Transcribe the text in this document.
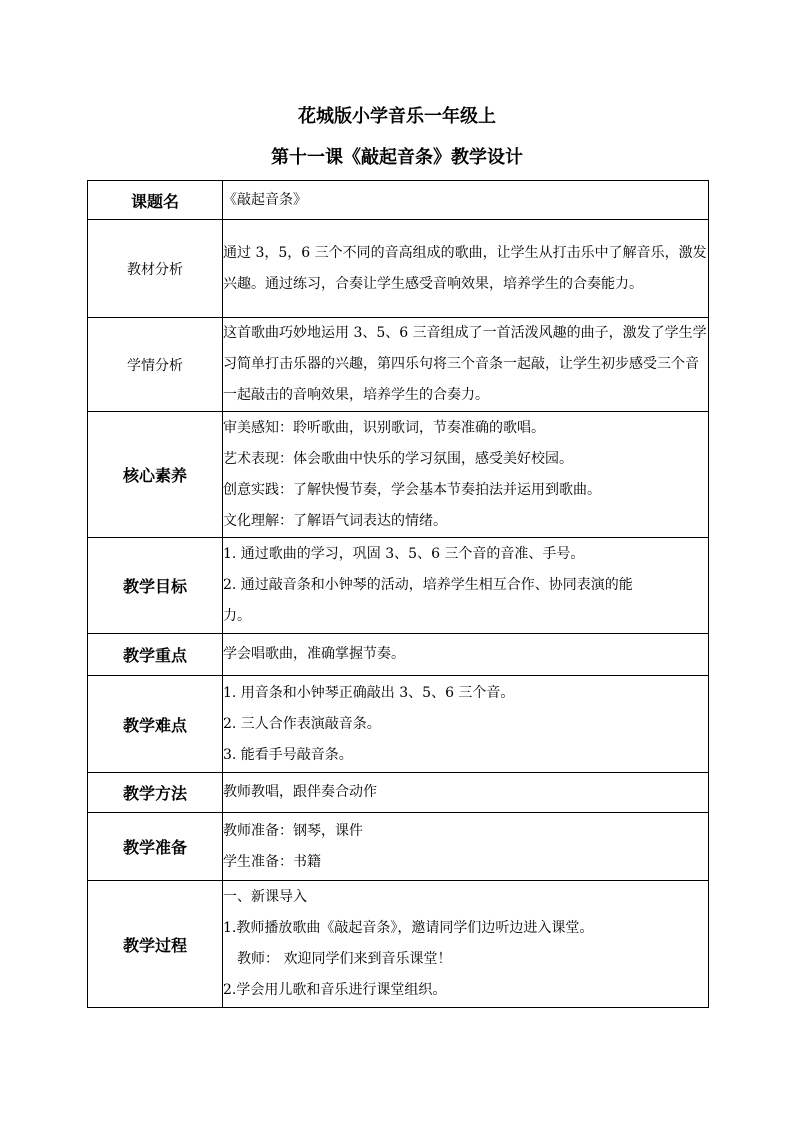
花城版小学音乐一年级上
第十一课《敲起音条》教学设计
课题名	《敲起音条》

教材分析	通过 3，5，6 三个不同的音高组成的歌曲，让学生从打击乐中了解音乐，激发兴趣。通过练习，合奏让学生感受音响效果，培养学生的合奏能力。

学情分析	这首歌曲巧妙地运用 3、5、6 三音组成了一首活泼风趣的曲子，激发了学生学习简单打击乐器的兴趣，第四乐句将三个音条一起敲，让学生初步感受三个音一起敲击的音响效果，培养学生的合奏力。

核心素养	审美感知：聆听歌曲，识别歌词，节奏准确的歌唱。
艺术表现：体会歌曲中快乐的学习氛围，感受美好校园。
创意实践：了解快慢节奏，学会基本节奏拍法并运用到歌曲。
文化理解：了解语气词表达的情绪。

教学目标	1. 通过歌曲的学习，巩固 3、5、6 三个音的音准、手号。
2. 通过敲音条和小钟琴的活动，培养学生相互合作、协同表演的能
力。

教学重点	学会唱歌曲，准确掌握节奏。

教学难点	1. 用音条和小钟琴正确敲出 3、5、6 三个音。
2. 三人合作表演敲音条。
3. 能看手号敲音条。

教学方法	教师教唱，跟伴奏合动作

教学准备	教师准备：钢琴，课件
学生准备：书籍

教学过程	一、新课导入
1.教师播放歌曲《敲起音条》，邀请同学们边听边进入课堂。
教师： 欢迎同学们来到音乐课堂！
2.学会用儿歌和音乐进行课堂组织。
